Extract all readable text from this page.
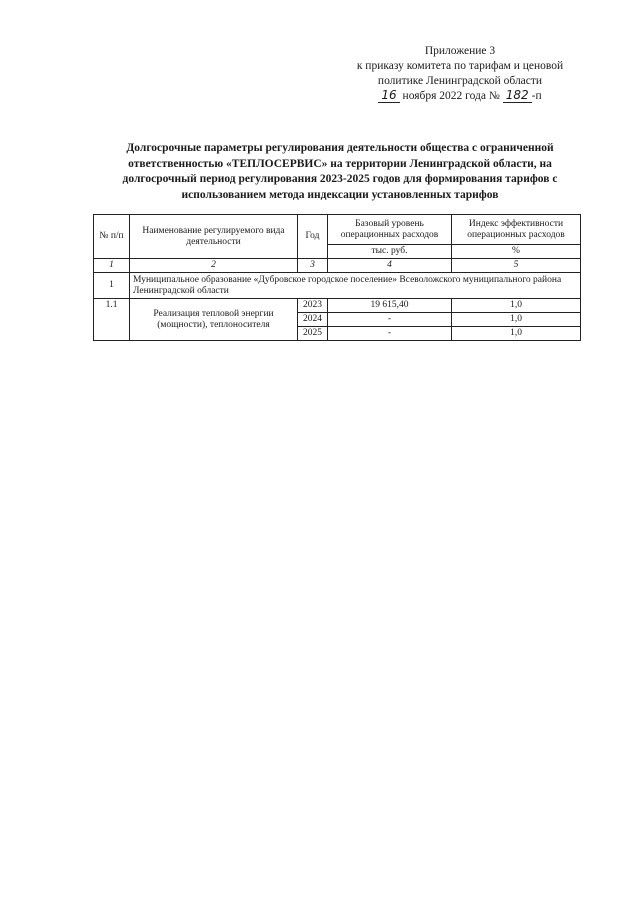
Приложение 3
к приказу комитета по тарифам и ценовой
политике Ленинградской области
16 ноября 2022 года № 182 -п
Долгосрочные параметры регулирования деятельности общества с ограниченной ответственностью «ТЕПЛОСЕРВИС» на территории Ленинградской области, на долгосрочный период регулирования 2023-2025 годов для формирования тарифов с использованием метода индексации установленных тарифов
№ п/п	Наименование регулируемого вида деятельности	Год	Базовый уровень операционных расходов	Индекс эффективности операционных расходов
			тыс. руб.	%
1	2	3	4	5
1	Муниципальное образование «Дубровское городское поселение» Всеволожского муниципального района Ленинградской области			
1.1	Реализация тепловой энергии (мощности), теплоносителя	2023	19 615,40	1,0
		2024	-	1,0
		2025	-	1,0
